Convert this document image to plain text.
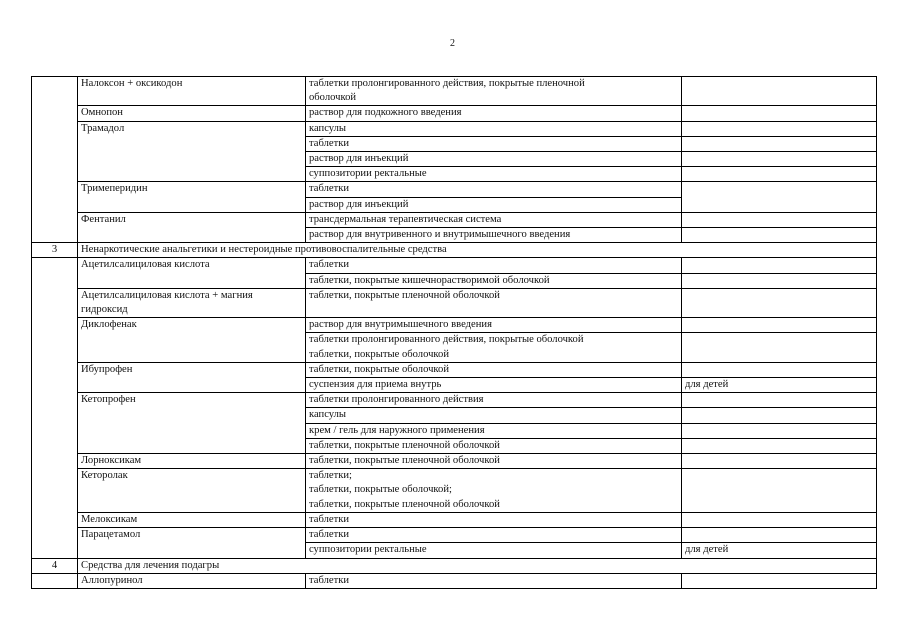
2
	Налоксон + оксикодон	таблетки пролонгированного действия, покрытые пленочной
оболочкой	

	Омнопон	раствор для подкожного введения	
	Трамадол	капсулы	
		таблетки	
		раствор для инъекций	
		суппозитории ректальные	
	Тримеперидин	таблетки	
		раствор для инъекций	
	Фентанил	трансдермальная терапевтическая система	
		раствор для внутривенного и внутримышечного введения	
3	Ненаркотические анальгетики и нестероидные противовоспалительные средства		
	Ацетилсалициловая кислота	таблетки	
		таблетки, покрытые кишечнорастворимой оболочкой	

	Ацетилсалициловая кислота + магния
гидроксид	таблетки, покрытые пленочной оболочкой	
	Диклофенак	раствор для внутримышечного введения	
		таблетки пролонгированного действия, покрытые оболочкой	
		таблетки, покрытые оболочкой	
	Ибупрофен	таблетки, покрытые оболочкой	
		суспензия для приема внутрь	для детей
	Кетопрофен	таблетки пролонгированного действия	
		капсулы	
		крем / гель для наружного применения	
		таблетки, покрытые пленочной оболочкой	
	Лорноксикам	таблетки, покрытые пленочной оболочкой	
	Кеторолак	таблетки;
таблетки, покрытые оболочкой;
таблетки, покрытые пленочной оболочкой	

	Мелоксикам	таблетки	
	Парацетамол	таблетки	
		суппозитории ректальные	для детей

4	Средства для лечения подагры		
	Аллопуринол	таблетки	
